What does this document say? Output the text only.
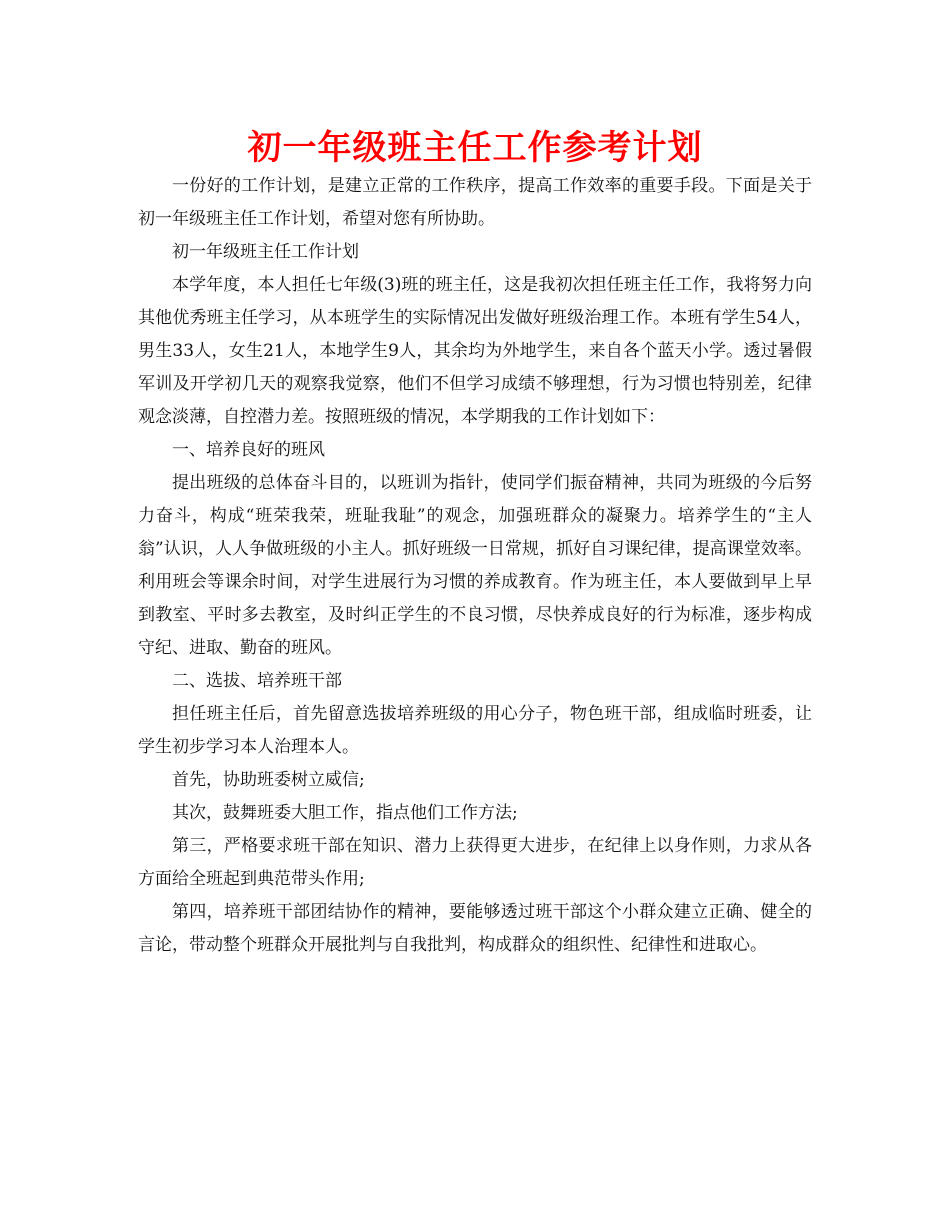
初一年级班主任工作参考计划

一份好的工作计划，是建立正常的工作秩序，提高工作效率的重要手段。下面是关于初一年级班主任工作计划，希望对您有所协助。

初一年级班主任工作计划

本学年度，本人担任七年级(3)班的班主任，这是我初次担任班主任工作，我将努力向其他优秀班主任学习，从本班学生的实际情况出发做好班级治理工作。本班有学生54人，男生33人，女生21人，本地学生9人，其余均为外地学生，来自各个蓝天小学。透过暑假军训及开学初几天的观察我觉察，他们不但学习成绩不够理想，行为习惯也特别差，纪律观念淡薄，自控潜力差。按照班级的情况，本学期我的工作计划如下：

一、培养良好的班风

提出班级的总体奋斗目的，以班训为指针，使同学们振奋精神，共同为班级的今后努力奋斗，构成“班荣我荣，班耻我耻”的观念，加强班群众的凝聚力。培养学生的“主人翁”认识，人人争做班级的小主人。抓好班级一日常规，抓好自习课纪律，提高课堂效率。利用班会等课余时间，对学生进展行为习惯的养成教育。作为班主任，本人要做到早上早到教室、平时多去教室，及时纠正学生的不良习惯，尽快养成良好的行为标准，逐步构成守纪、进取、勤奋的班风。

二、选拔、培养班干部

担任班主任后，首先留意选拔培养班级的用心分子，物色班干部，组成临时班委，让学生初步学习本人治理本人。

首先，协助班委树立威信;

其次，鼓舞班委大胆工作，指点他们工作方法;

第三，严格要求班干部在知识、潜力上获得更大进步，在纪律上以身作则，力求从各方面给全班起到典范带头作用;

第四，培养班干部团结协作的精神，要能够透过班干部这个小群众建立正确、健全的言论，带动整个班群众开展批判与自我批判，构成群众的组织性、纪律性和进取心。
